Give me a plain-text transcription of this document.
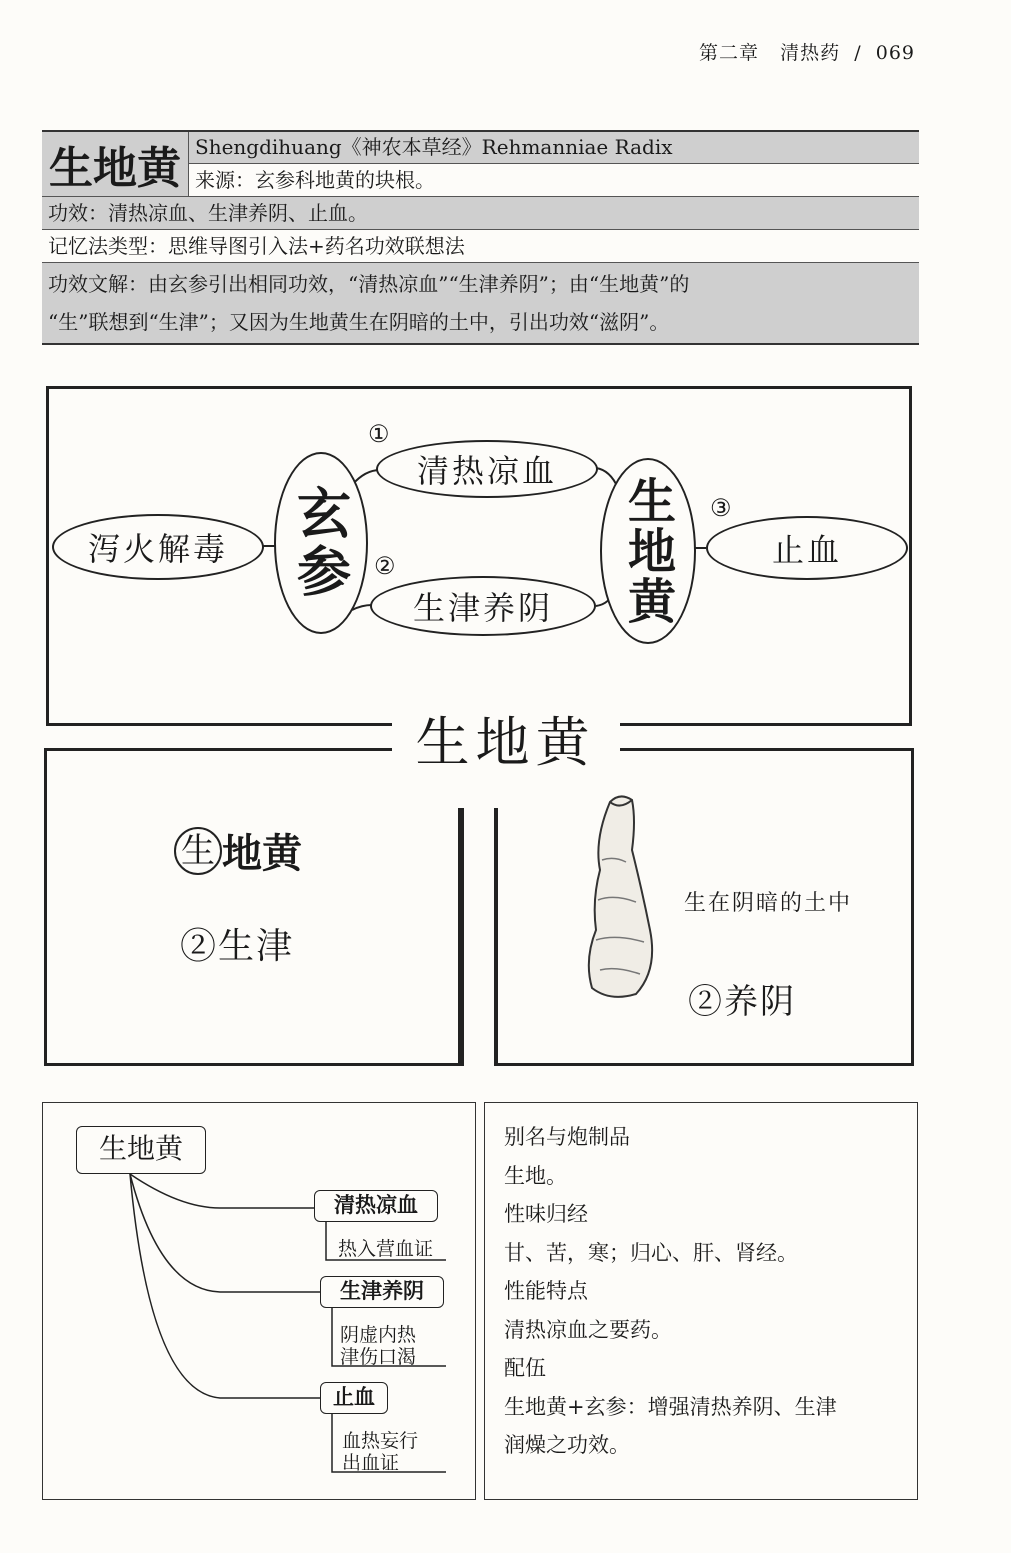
第二章 清热药 / 069
生地黄 Shengdihuang《神农本草经》Rehmanniae Radix
来源：玄参科地黄的块根。
功效：清热凉血、生津养阴、止血。
记忆法类型：思维导图引入法+药名功效联想法
功效文解：由玄参引出相同功效，“清热凉血”“生津养阴”；由“生地黄”的
“生”联想到“生津”；又因为生地黄生在阴暗的土中，引出功效“滋阴”。
泻火解毒	玄参
清热凉血
生津养阴	生地黄	止血
①
②
③
生地黄
生 地黄
②生津
生在阴暗的土中
②养阴
生地黄
清热凉血
热入营血证
生津养阴
阴虚内热
津伤口渴
止血
血热妄行
出血证
别名与炮制品
生地。
性味归经
甘、苦，寒；归心、肝、肾经。
性能特点
清热凉血之要药。
配伍
生地黄+玄参：增强清热养阴、生津
润燥之功效。
